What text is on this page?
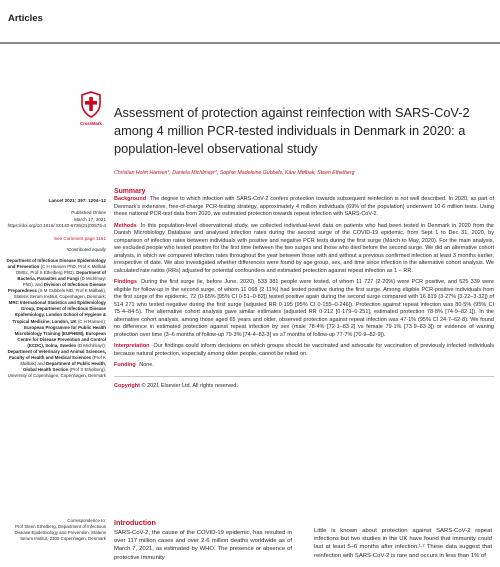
Articles
CrossMark
Lancet 2021; 397: 1204–12
Published Online
March 17, 2021
https://doi.org/10.1016/ S0140-6736(21)00575-4
See Comment page 1161
*Contributed equally
Department of Infectious Disease Epidemiology and Prevention (C H Hansen PhD, Prof K Mølbak DMSc, Prof S Ethelberg PhD), Department of Bacteria, Parasites and Fungi (D Michlmayr PhD), and Division of Infectious Disease Preparedness (S M Gubbels MD, Prof K Mølbak), Statens Serum Institut, Copenhagen, Denmark; MRC International Statistics and Epidemiology Group, Department of Infectious Disease Epidemiology, London School of Hygiene & Tropical Medicine, London, UK (C H Hansen); European Programme for Public Health Microbiology Training (EUPHEM), European Centre for Disease Prevention and Control (ECDC), Solna, Sweden (D Michlmayr); Department of Veterinary and Animal Sciences, Faculty of Health and Medical Sciences (Prof K Mølbak) and Department of Public Health, Global Health Section (Prof S Ethelberg), University of Copenhagen, Copenhagen, Denmark
Correspondence to:
Prof Steen Ethelberg, Department of Infectious Disease Epidemiology and Prevention, Statens Serum Institut, 2300 Copenhagen, Denmark
Assessment of protection against reinfection with SARS-CoV-2 among 4 million PCR-tested individuals in Denmark in 2020: a population-level observational study
Christian Holm Hansen*, Daniela Michlmayr*, Sophie Madeleine Gubbels, Kåre Mølbak, Steen Ethelberg
Summary

Background The degree to which infection with SARS-CoV-2 confers protection towards subsequent reinfection is not well described. In 2020, as part of Denmark’s extensive, free-of-charge PCR-testing strategy, approximately 4 million individuals (69% of the population) underwent 10·6 million tests. Using these national PCR-test data from 2020, we estimated protection towards repeat infection with SARS-CoV-2.

Methods In this population-level observational study, we collected individual-level data on patients who had been tested in Denmark in 2020 from the Danish Microbiology Database and analysed infection rates during the second surge of the COVID-19 epidemic, from Sept 1 to Dec 31, 2020, by comparison of infection rates between individuals with positive and negative PCR tests during the first surge (March to May, 2020). For the main analysis, we excluded people who tested positive for the first time between the two surges and those who died before the second surge. We did an alternative cohort analysis, in which we compared infection rates throughout the year between those with and without a previous confirmed infection at least 3 months earlier, irrespective of date. We also investigated whether differences were found by age group, sex, and time since infection in the alternative cohort analysis. We calculated rate ratios (RRs) adjusted for potential confounders and estimated protection against repeat infection as 1 − RR.

Findings During the first surge (ie, before June, 2020), 533 381 people were tested, of whom 11 727 (2·20%) were PCR positive, and 525 339 were eligible for follow-up in the second surge, of whom 11 068 (2·11%) had tested positive during the first surge. Among eligible PCR-positive individuals from the first surge of the epidemic, 72 (0·65% [95% CI 0·51–0·82]) tested positive again during the second surge compared with 16 819 (3·27% [3·22–3·32]) of 514 271 who tested negative during the first surge (adjusted RR 0·195 [95% CI 0·155–0·246]). Protection against repeat infection was 80·5% (95% CI 75·4–84·5). The alternative cohort analysis gave similar estimates (adjusted RR 0·212 [0·179–0·251], estimated protection 78·8% [74·9–82·1]). In the alternative cohort analysis, among those aged 65 years and older, observed protection against repeat infection was 47·1% (95% CI 24·7–62·8). We found no difference in estimated protection against repeat infection by sex (male 78·4% [72·1–83·2] vs female 79·1% [73·9–83·3]) or evidence of waning protection over time (3–6 months of follow-up 79·3% [74·4–83·3] vs ≥7 months of follow-up 77·7% [70·9–82·9]).

Interpretation Our findings could inform decisions on which groups should be vaccinated and advocate for vaccination of previously infected individuals because natural protection, especially among older people, cannot be relied on.

Funding None.

Copyright © 2021 Elsevier Ltd. All rights reserved.
Introduction
SARS-CoV-2, the cause of the COVID-19 epidemic, has resulted in over 117 million cases and over 2·6 million deaths worldwide as of March 7, 2021, as estimated by WHO. The presence or absence of protective immunity
Little is known about protection against SARS-CoV-2 repeat infections but two studies in the UK have found that immunity could last at least 5–6 months after infection.¹·² These data suggest that reinfection with SARS-CoV-2 is rare and occurs in less than 1% of
